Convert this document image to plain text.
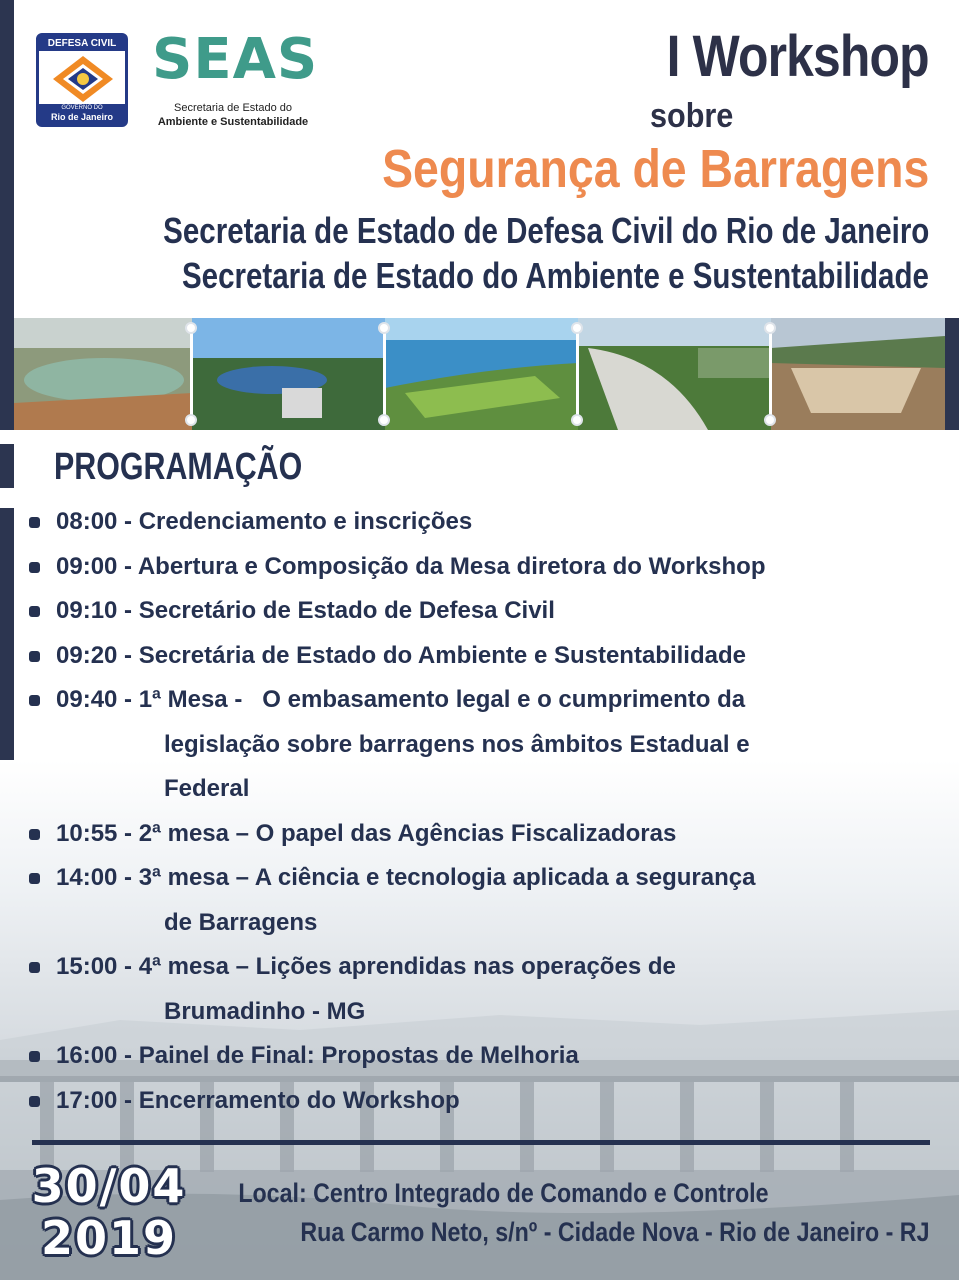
DEFESA CIVIL
GOVERNO DO
Rio de Janeiro
SEAS
Secretaria de Estado do
Ambiente e Sustentabilidade
I Workshop
sobre
Segurança de Barragens
Secretaria de Estado de Defesa Civil do Rio de Janeiro
Secretaria de Estado do Ambiente e Sustentabilidade
PROGRAMAÇÃO
08:00 - Credenciamento e inscrições
09:00 - Abertura e Composição da Mesa diretora do Workshop
09:10 - Secretário de Estado de Defesa Civil
09:20 - Secretária de Estado do Ambiente e Sustentabilidade
09:40 - 1ª Mesa -   O embasamento legal e o cumprimento da
legislação sobre barragens nos âmbitos Estadual e
Federal
10:55 - 2ª mesa – O papel das Agências Fiscalizadoras
14:00 - 3ª mesa – A ciência e tecnologia aplicada a segurança
de Barragens
15:00 - 4ª mesa – Lições aprendidas nas operações de
Brumadinho - MG
16:00 - Painel de Final: Propostas de Melhoria
17:00 - Encerramento do Workshop
30/04
2019
Local: Centro Integrado de Comando e Controle
Rua Carmo Neto, s/nº - Cidade Nova - Rio de Janeiro - RJ
